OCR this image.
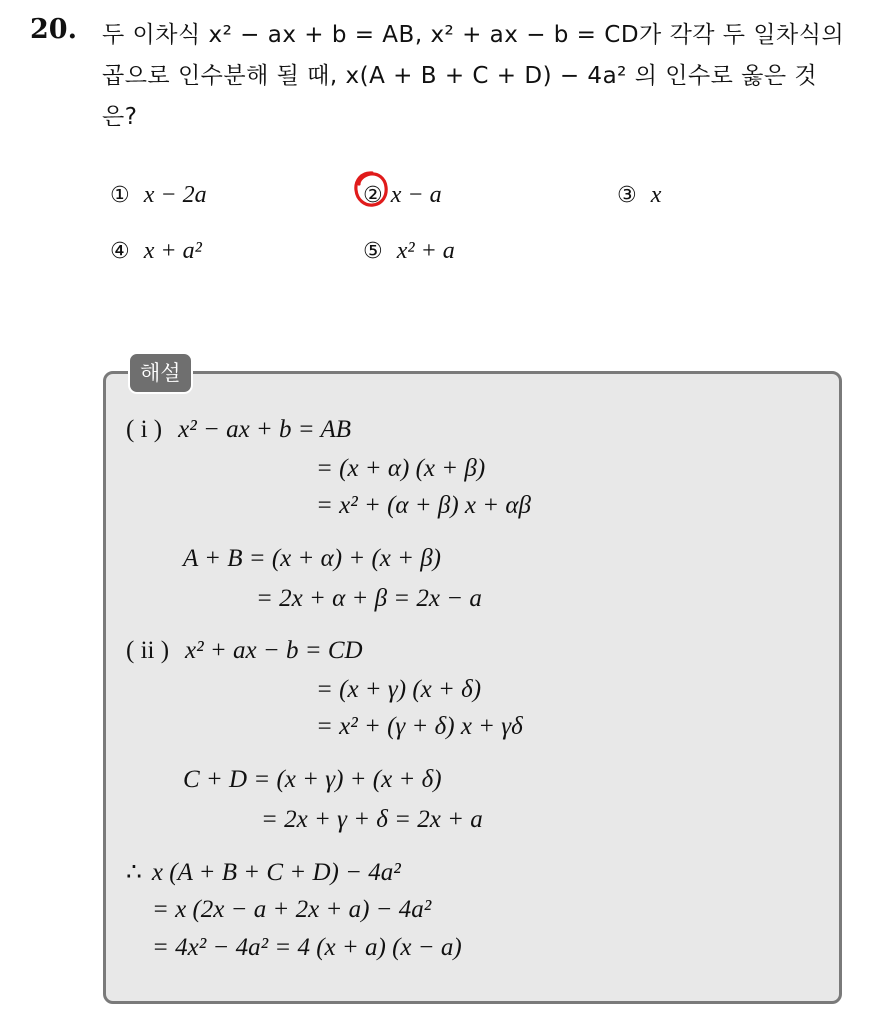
20. 두 이차식 x² − ax + b = AB, x² + ax − b = CD가 각각 두 일차식의
곱으로 인수분해 될 때, x(A + B + C + D) − 4a² 의 인수로 옳은 것
은?
① x − 2a	② x − a	③ x
④ x + a²	⑤ x² + a
해설
( i ) x² − ax + b = AB
= (x + α) (x + β)
= x² + (α + β) x + αβ
A + B = (x + α) + (x + β)
= 2x + α + β = 2x − a
( ii ) x² + ax − b = CD
= (x + γ) (x + δ)
= x² + (γ + δ) x + γδ
C + D = (x + γ) + (x + δ)
= 2x + γ + δ = 2x + a
∴ x (A + B + C + D) − 4a²
= x (2x − a + 2x + a) − 4a²
= 4x² − 4a² = 4 (x + a) (x − a)
